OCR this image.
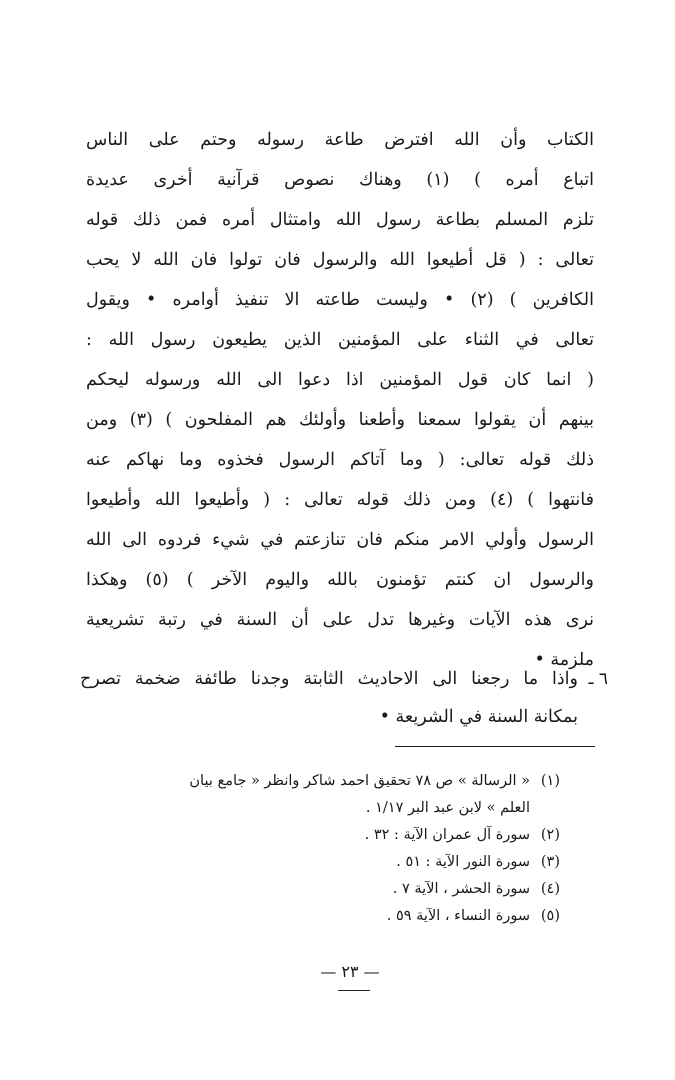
الكتاب وأن الله افترض طاعة رسوله وحتم على الناس
اتباع أمره ) (١) وهناك نصوص قرآنية أخرى عديدة
تلزم المسلم بطاعة رسول الله وامتثال أمره فمن ذلك قوله
تعالى : ( قل أطيعوا الله والرسول فان تولوا فان الله لا يحب
الكافرين ) (٢) • وليست طاعته الا تنفيذ أوامره • ويقول
تعالى في الثناء على المؤمنين الذين يطيعون رسول الله :
( انما كان قول المؤمنين اذا دعوا الى الله ورسوله ليحكم
بينهم أن يقولوا سمعنا وأطعنا وأولئك هم المفلحون ) (٣) ومن
ذلك قوله تعالى: ( وما آتاكم الرسول فخذوه وما نهاكم عنه
فانتهوا ) (٤) ومن ذلك قوله تعالى : ( وأطيعوا الله وأطيعوا
الرسول وأولي الامر منكم فان تنازعتم في شيء فردوه الى الله
والرسول ان كنتم تؤمنون بالله واليوم الآخر ) (٥) وهكذا
نرى هذه الآيات وغيرها تدل على أن السنة في رتبة تشريعية
ملزمة •
٦ ـ
واذا ما رجعنا الى الاحاديث الثابتة وجدنا طائفة ضخمة تصرح
بمكانة السنة في الشريعة •
(١)
« الرسالة » ص ٧٨ تحقيق احمد شاكر وانظر « جامع بيان
العلم » لابن عبد البر ١/١٧ .
(٢)
سورة آل عمران الآية : ٣٢ .
(٣)
سورة النور الآية : ٥١ .
(٤)
سورة الحشر ، الآية ٧ .
(٥)
سورة النساء ، الآية ٥٩ .
— ٢٣ —
